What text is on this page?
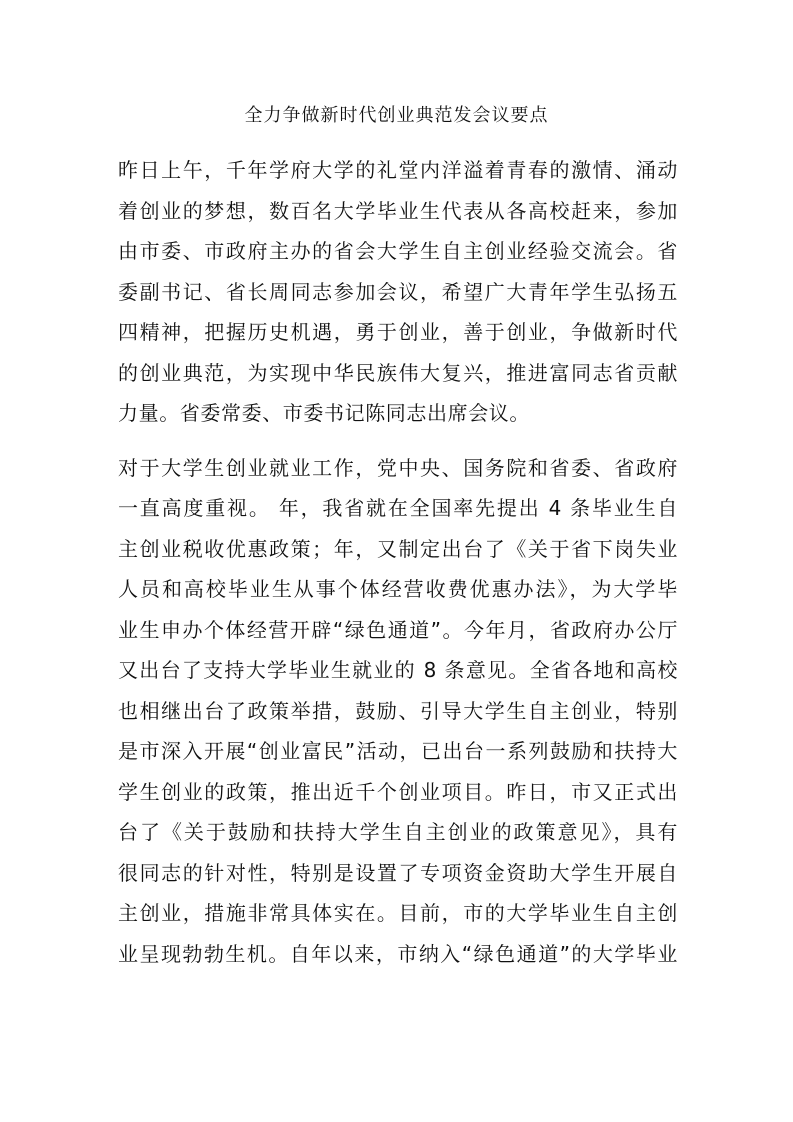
全力争做新时代创业典范发会议要点
昨日上午，千年学府大学的礼堂内洋溢着青春的激情、涌动
着创业的梦想，数百名大学毕业生代表从各高校赶来，参加
由市委、市政府主办的省会大学生自主创业经验交流会。省
委副书记、省长周同志参加会议，希望广大青年学生弘扬五
四精神，把握历史机遇，勇于创业，善于创业，争做新时代
的创业典范，为实现中华民族伟大复兴，推进富同志省贡献
力量。省委常委、市委书记陈同志出席会议。
对于大学生创业就业工作，党中央、国务院和省委、省政府
一直高度重视。 年，我省就在全国率先提出 4 条毕业生自
主创业税收优惠政策；年，又制定出台了《关于省下岗失业
人员和高校毕业生从事个体经营收费优惠办法》，为大学毕
业生申办个体经营开辟“绿色通道”。今年月，省政府办公厅
又出台了支持大学毕业生就业的 8 条意见。全省各地和高校
也相继出台了政策举措，鼓励、引导大学生自主创业，特别
是市深入开展“创业富民”活动，已出台一系列鼓励和扶持大
学生创业的政策，推出近千个创业项目。昨日，市又正式出
台了《关于鼓励和扶持大学生自主创业的政策意见》，具有
很同志的针对性，特别是设置了专项资金资助大学生开展自
主创业，措施非常具体实在。目前，市的大学毕业生自主创
业呈现勃勃生机。自年以来，市纳入“绿色通道”的大学毕业
